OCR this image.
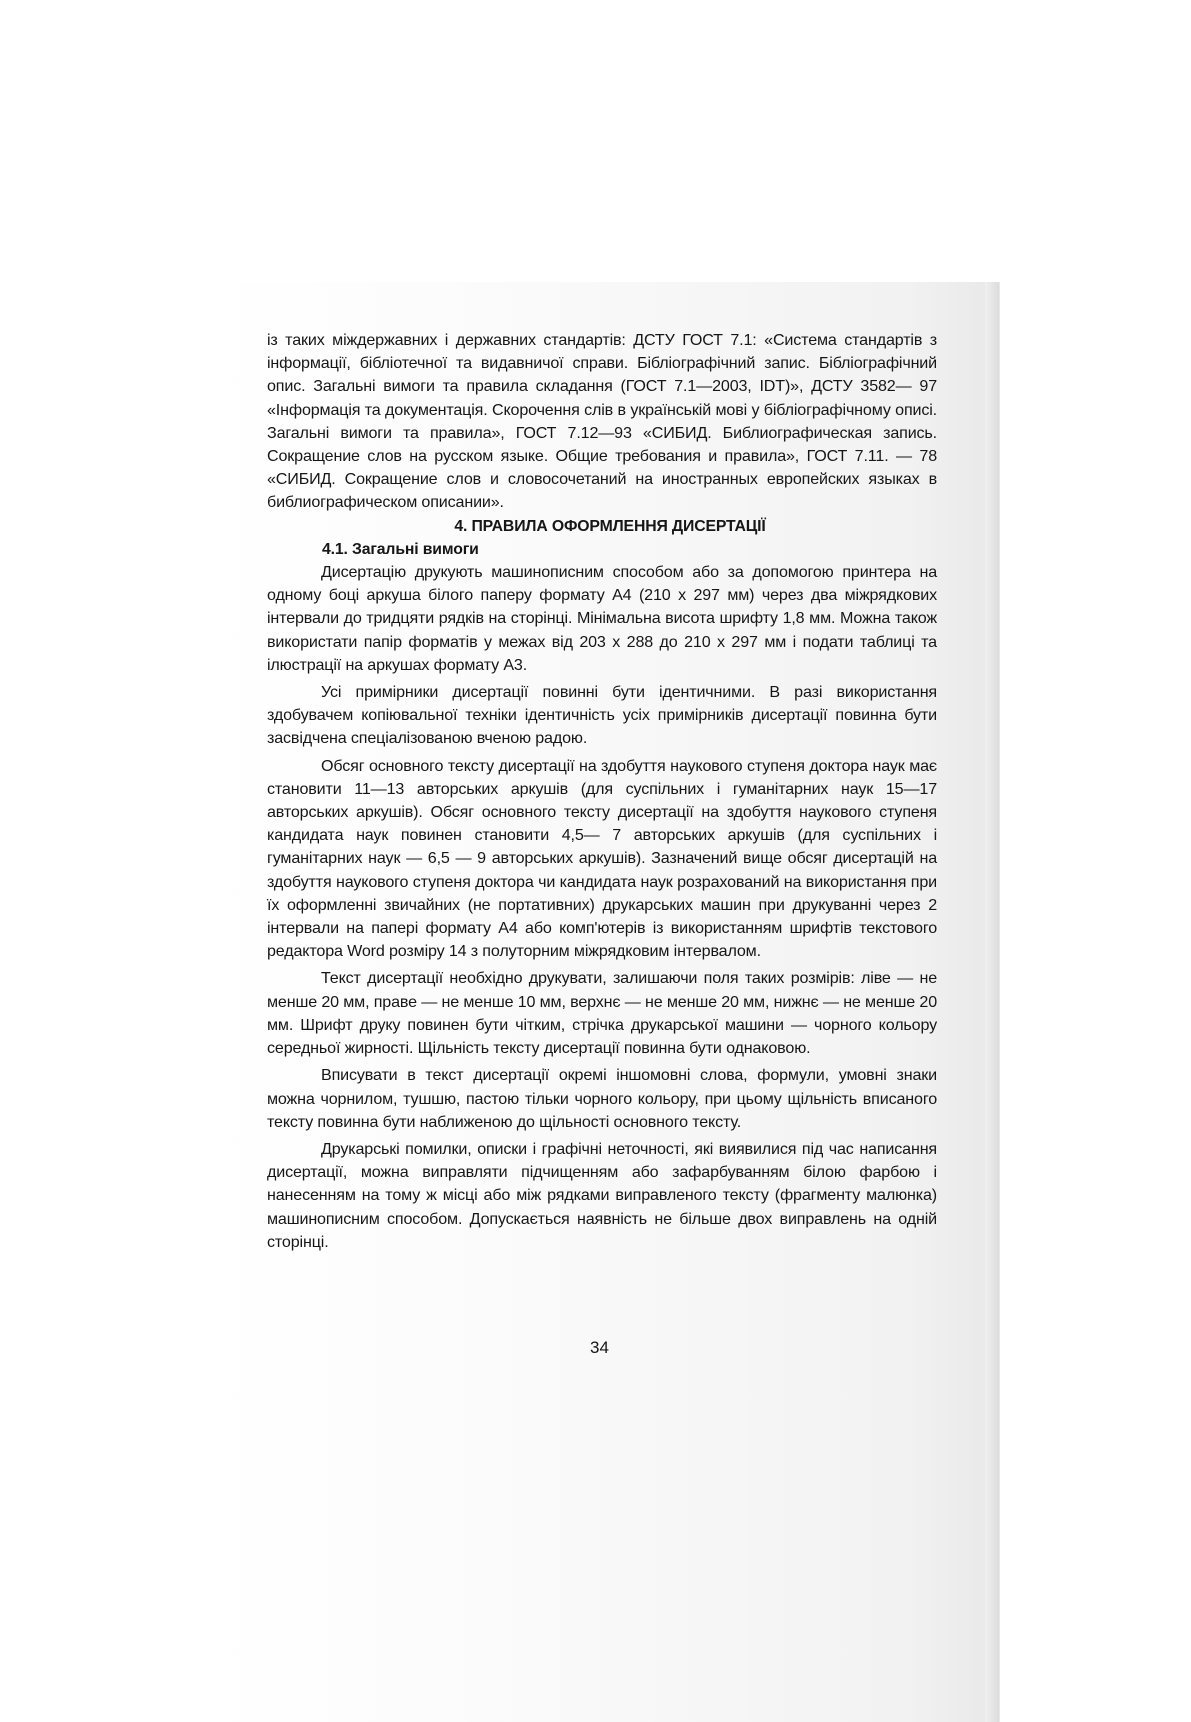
із таких міждержавних і державних стандартів: ДСТУ ГОСТ 7.1: «Система стандартів з інформації, бібліотечної та видавничої справи. Бібліографічний запис. Бібліографічний опис. Загальні вимоги та правила складання (ГОСТ 7.1—2003, IDT)», ДСТУ 3582— 97 «Інформація та документація. Скорочення слів в українській мові у бібліографічному описі. Загальні вимоги та правила», ГОСТ 7.12—93 «СИБИД. Библиографическая запись. Сокращение слов на русском языке. Общие требования и правила», ГОСТ 7.11. — 78 «СИБИД. Сокращение слов и словосочетаний на иностранных европейских языках в библиографическом описании».

4. ПРАВИЛА ОФОРМЛЕННЯ ДИСЕРТАЦІЇ
4.1. Загальні вимоги

Дисертацію друкують машинописним способом або за допомогою принтера на одному боці аркуша білого паперу формату А4 (210 х 297 мм) через два міжрядкових інтервали до тридцяти рядків на сторінці. Мінімальна висота шрифту 1,8 мм. Можна також використати папір форматів у межах від 203 х 288 до 210 х 297 мм і подати таблиці та ілюстрації на аркушах формату A3.

Усі примірники дисертації повинні бути ідентичними. В разі використання здобувачем копіювальної техніки ідентичність усіх примірників дисертації повинна бути засвідчена спеціалізованою вченою радою.

Обсяг основного тексту дисертації на здобуття наукового ступеня доктора наук має становити 11—13 авторських аркушів (для суспільних і гуманітарних наук 15—17 авторських аркушів). Обсяг основного тексту дисертації на здобуття наукового ступеня кандидата наук повинен становити 4,5— 7 авторських аркушів (для суспільних і гуманітарних наук — 6,5 — 9 авторських аркушів). Зазначений вище обсяг дисертацій на здобуття наукового ступеня доктора чи кандидата наук розрахований на використання при їх оформленні звичайних (не портативних) друкарських машин при друкуванні через 2 інтервали на папері формату А4 або комп'ютерів із використанням шрифтів текстового редактора Word розміру 14 з полуторним міжрядковим інтервалом.

Текст дисертації необхідно друкувати, залишаючи поля таких розмірів: ліве — не менше 20 мм, праве — не менше 10 мм, верхнє — не менше 20 мм, нижнє — не менше 20 мм. Шрифт друку повинен бути чітким, стрічка друкарської машини — чорного кольору середньої жирності. Щільність тексту дисертації повинна бути однаковою.

Вписувати в текст дисертації окремі іншомовні слова, формули, умовні знаки можна чорнилом, тушшю, пастою тільки чорного кольору, при цьому щільність вписаного тексту повинна бути наближеною до щільності основного тексту.

Друкарські помилки, описки і графічні неточності, які виявилися під час написання дисертації, можна виправляти підчищенням або зафарбуванням білою фарбою і нанесенням на тому ж місці або між рядками виправленого тексту (фрагменту малюнка) машинописним способом. Допускається наявність не більше двох виправлень на одній сторінці.

34
